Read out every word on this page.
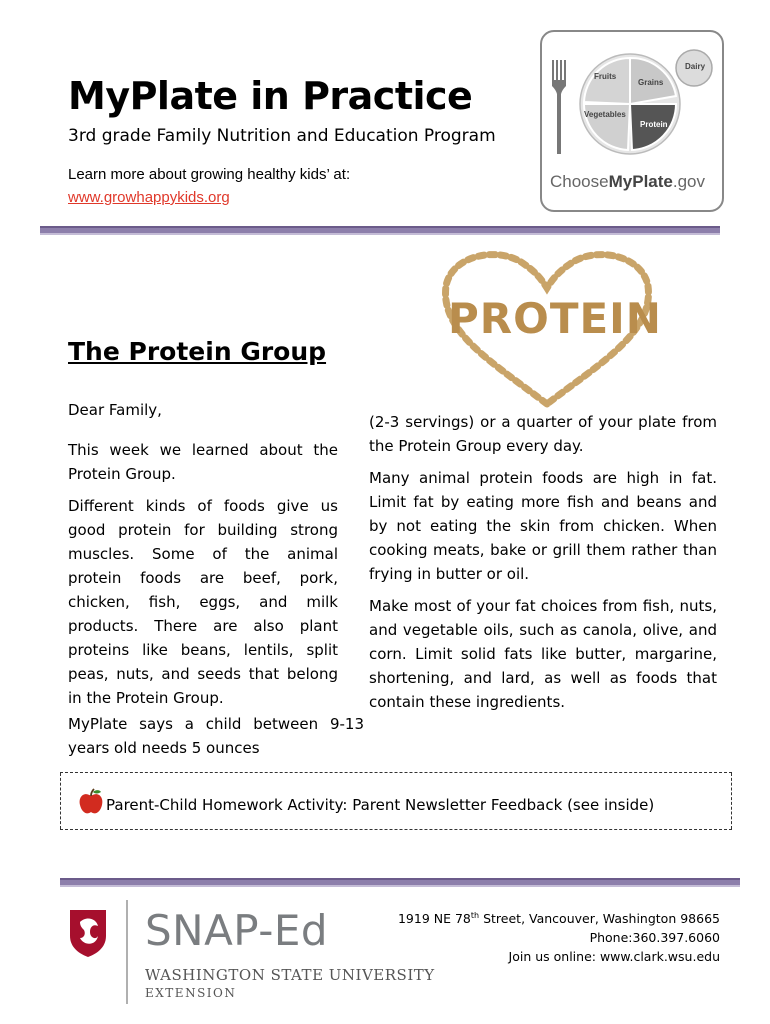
MyPlate in Practice
3rd grade Family Nutrition and Education Program
Learn more about growing healthy kids’ at:
www.growhappykids.org
Fruits
Grains
Dairy
Vegetables
Protein
ChooseMyPlate.gov
PROTEIN
The Protein Group

Dear Family,

This week we learned about the Protein Group.

Different kinds of foods give us good protein for building strong muscles. Some of the animal protein foods are beef, pork, chicken, fish, eggs, and milk products. There are also plant proteins like beans, lentils, split peas, nuts, and seeds that belong in the Protein Group.

MyPlate says a child between 9-13 years old needs 5 ounces

(2-3 servings) or a quarter of your plate from the Protein Group every day.

Many animal protein foods are high in fat. Limit fat by eating more fish and beans and by not eating the skin from chicken. When cooking meats, bake or grill them rather than frying in butter or oil.

Make most of your fat choices from fish, nuts, and vegetable oils, such as canola, olive, and corn. Limit solid fats like butter, margarine, shortening, and lard, as well as foods that contain these ingredients.

Parent-Child Homework Activity: Parent Newsletter Feedback (see inside)
SNAP-Ed
WASHINGTON STATE UNIVERSITY
EXTENSION
1919 NE 78th Street, Vancouver, Washington 98665
Phone:360.397.6060
Join us online: www.clark.wsu.edu
